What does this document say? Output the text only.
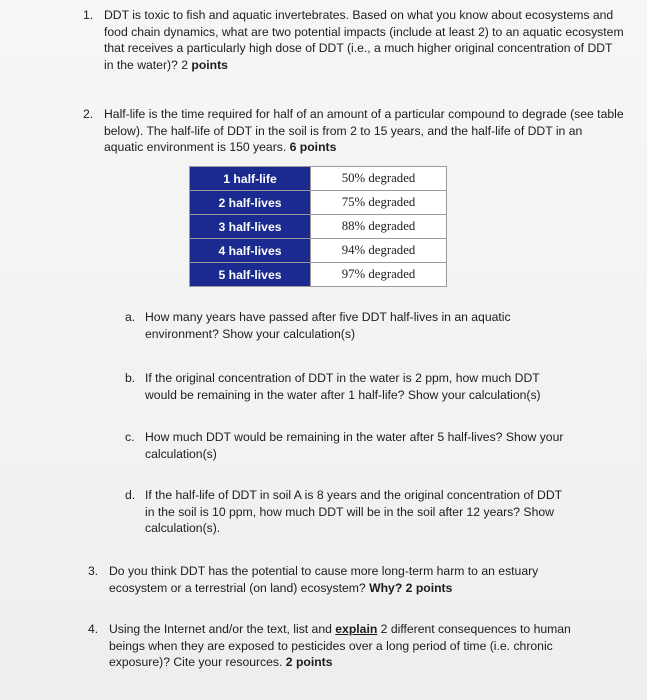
1. DDT is toxic to fish and aquatic invertebrates. Based on what you know about ecosystems and food chain dynamics, what are two potential impacts (include at least 2) to an aquatic ecosystem that receives a particularly high dose of DDT (i.e., a much higher original concentration of DDT in the water)? 2 points
2. Half-life is the time required for half of an amount of a particular compound to degrade (see table below). The half-life of DDT in the soil is from 2 to 15 years, and the half-life of DDT in an aquatic environment is 150 years. 6 points
1 half-life	50% degraded
2 half-lives	75% degraded
3 half-lives	88% degraded
4 half-lives	94% degraded
5 half-lives	97% degraded
a. How many years have passed after five DDT half-lives in an aquatic environment? Show your calculation(s)
b. If the original concentration of DDT in the water is 2 ppm, how much DDT would be remaining in the water after 1 half-life? Show your calculation(s)
c. How much DDT would be remaining in the water after 5 half-lives? Show your calculation(s)
d. If the half-life of DDT in soil A is 8 years and the original concentration of DDT in the soil is 10 ppm, how much DDT will be in the soil after 12 years? Show calculation(s).
3. Do you think DDT has the potential to cause more long-term harm to an estuary ecosystem or a terrestrial (on land) ecosystem? Why? 2 points
4. Using the Internet and/or the text, list and explain 2 different consequences to human beings when they are exposed to pesticides over a long period of time (i.e. chronic exposure)? Cite your resources. 2 points
